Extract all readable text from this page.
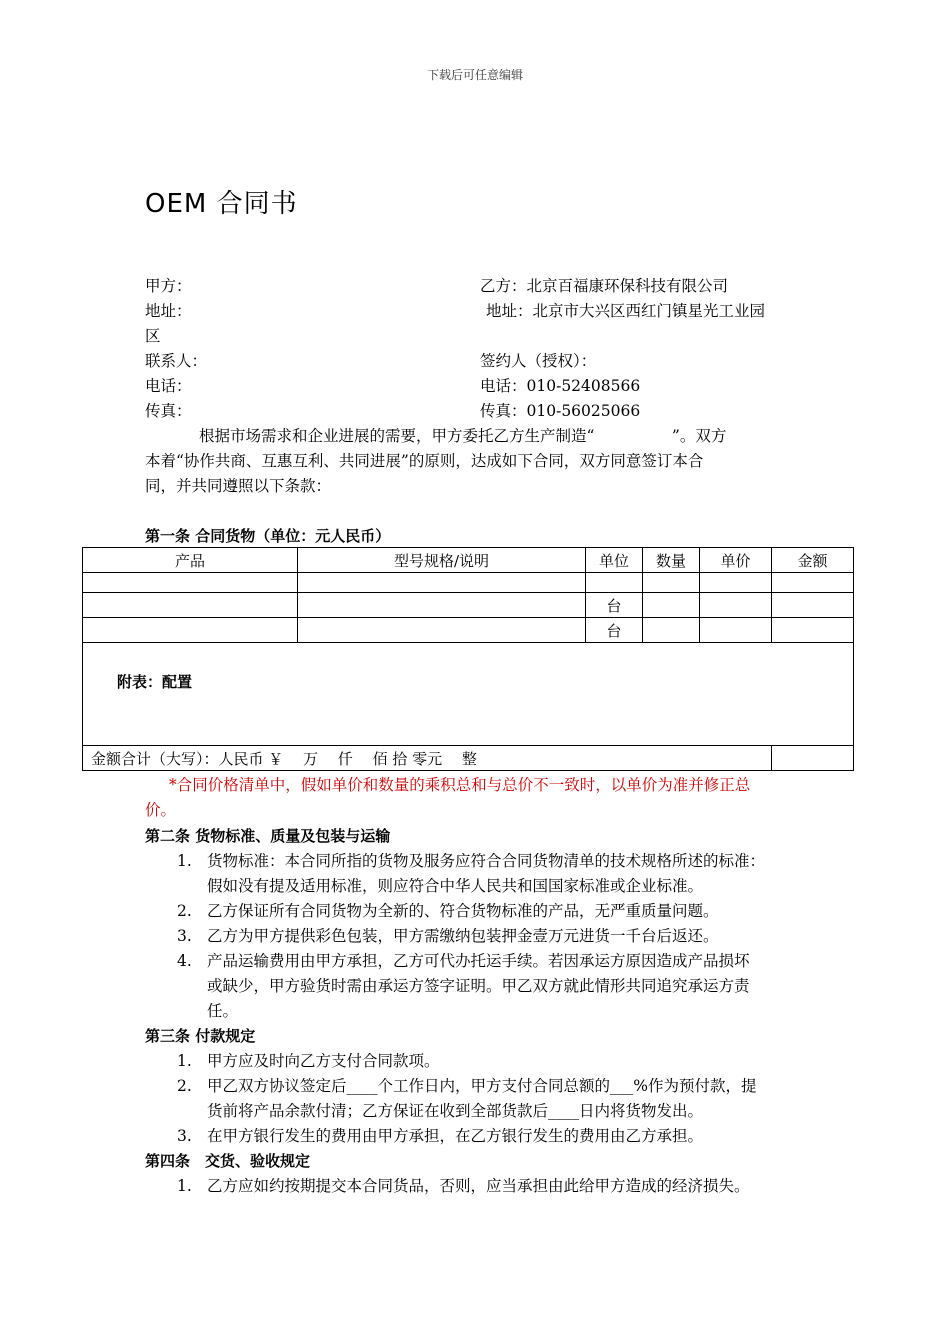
下载后可任意编辑
OEM 合同书
甲方：	乙方：北京百福康环保科技有限公司
地址：	地址：北京市大兴区西红门镇星光工业园
区
联系人：	签约人（授权）：
电话：	电话：010-52408566
传真：	传真：010-56025066
根据市场需求和企业进展的需要，甲方委托乙方生产制造“　　　　　”。双方
本着“协作共商、互惠互利、共同进展”的原则，达成如下合同，双方同意签订本合
同，并共同遵照以下条款：
第一条 合同货物（单位：元人民币）
产品	型号规格/说明	单位	数量	单价	金额

		台			
		台			
附表：配置					
金额合计（大写）：人民币 ￥　 万　 仟　 佰 拾 零元　 整					
*合同价格清单中，假如单价和数量的乘积总和与总价不一致时，以单价为准并修正总
价。
第二条 货物标准、质量及包装与运输
1. 货物标准：本合同所指的货物及服务应符合合同货物清单的技术规格所述的标准：
假如没有提及适用标准，则应符合中华人民共和国国家标准或企业标准。
2. 乙方保证所有合同货物为全新的、符合货物标准的产品，无严重质量问题。
3. 乙方为甲方提供彩色包装，甲方需缴纳包装押金壹万元进货一千台后返还。
4. 产品运输费用由甲方承担，乙方可代办托运手续。若因承运方原因造成产品损坏
或缺少，甲方验货时需由承运方签字证明。甲乙双方就此情形共同追究承运方责
任。
第三条 付款规定
1. 甲方应及时向乙方支付合同款项。
2. 甲乙双方协议签定后____个工作日内，甲方支付合同总额的___%作为预付款，提
货前将产品余款付清；乙方保证在收到全部货款后____日内将货物发出。
3. 在甲方银行发生的费用由甲方承担，在乙方银行发生的费用由乙方承担。
第四条　交货、验收规定
1. 乙方应如约按期提交本合同货品，否则，应当承担由此给甲方造成的经济损失。
